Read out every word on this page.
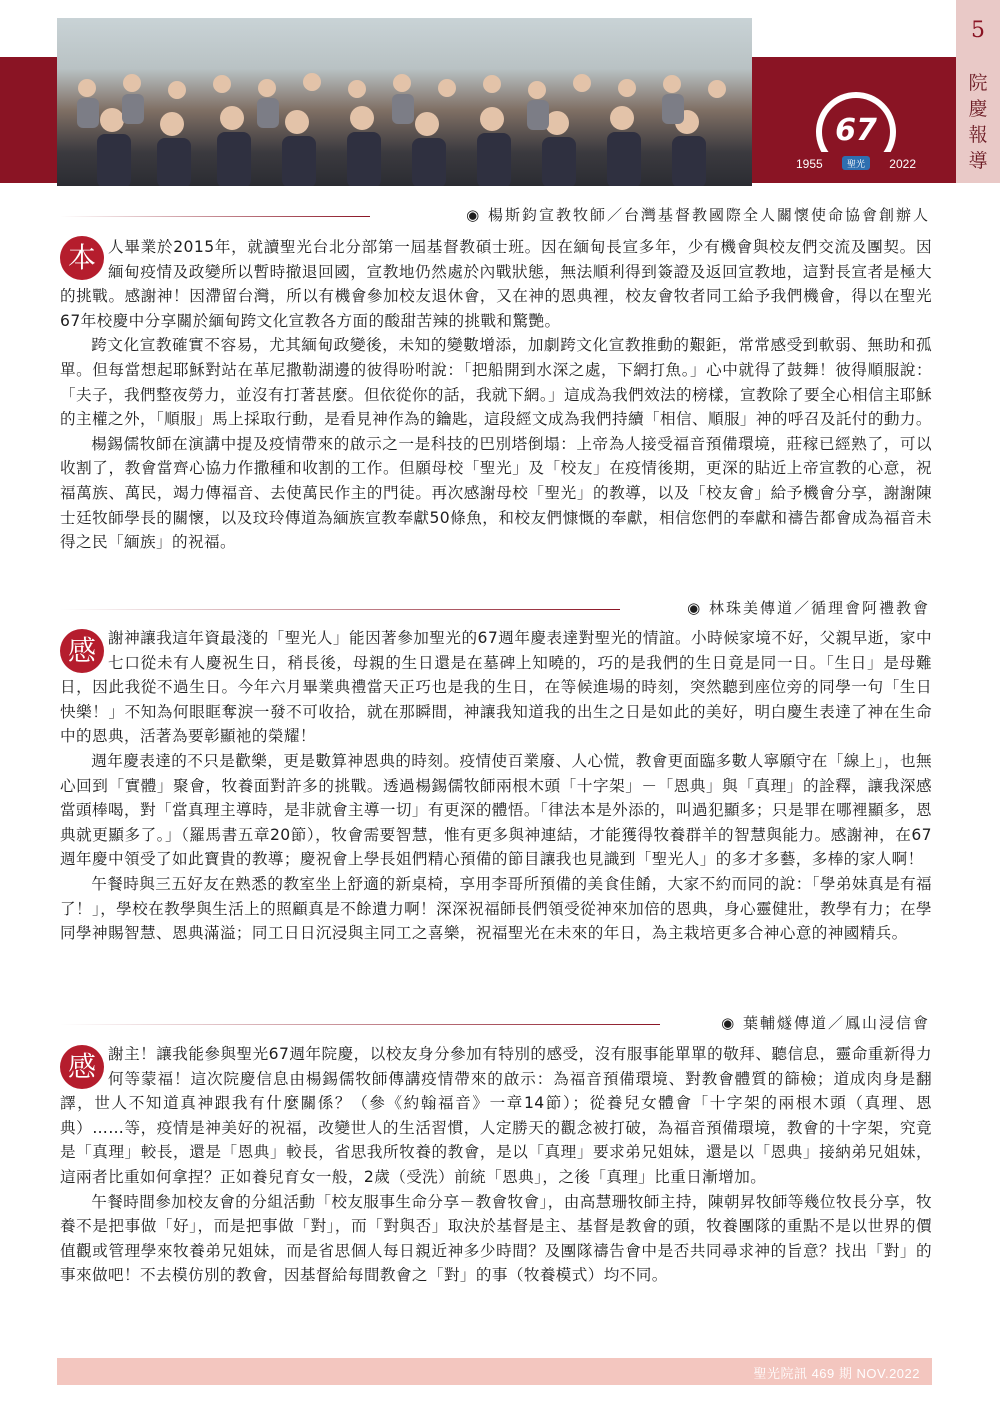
5
院
慶
報
導
67
1955	2022
聖光
◉ 楊斯鈞宣教牧師／台灣基督教國際全人關懷使命協會創辦人
本 人畢業於2015年，就讀聖光台北分部第一屆基督教碩士班。因在緬甸長宣多年，少有機會與校友們交流及團契。因緬甸疫情及政變所以暫時撤退回國，宣教地仍然處於內戰狀態，無法順利得到簽證及返回宣教地，這對長宣者是極大的挑戰。感謝神！因滯留台灣，所以有機會參加校友退休會，又在神的恩典裡，校友會牧者同工給予我們機會，得以在聖光67年校慶中分享關於緬甸跨文化宣教各方面的酸甜苦辣的挑戰和驚艷。

跨文化宣教確實不容易，尤其緬甸政變後，未知的變數增添，加劇跨文化宣教推動的艱鉅，常常感受到軟弱、無助和孤單。但每當想起耶穌對站在革尼撒勒湖邊的彼得吩咐說：「把船開到水深之處，下網打魚。」心中就得了鼓舞！彼得順服說：「夫子，我們整夜勞力，並沒有打著甚麼。但依從你的話，我就下網。」這成為我們效法的榜樣，宣教除了要全心相信主耶穌的主權之外，「順服」馬上採取行動，是看見神作為的鑰匙，這段經文成為我們持續「相信、順服」神的呼召及託付的動力。

楊錫儒牧師在演講中提及疫情帶來的啟示之一是科技的巴別塔倒塌：上帝為人接受福音預備環境，莊稼已經熟了，可以收割了，教會當齊心協力作撒種和收割的工作。但願母校「聖光」及「校友」在疫情後期，更深的貼近上帝宣教的心意，祝福萬族、萬民，竭力傳福音、去使萬民作主的門徒。再次感謝母校「聖光」的教導，以及「校友會」給予機會分享，謝謝陳士廷牧師學長的關懷，以及玟玲傳道為緬族宣教奉獻50條魚，和校友們慷慨的奉獻，相信您們的奉獻和禱告都會成為福音未得之民「緬族」的祝福。

◉ 林珠美傳道／循理會阿禮教會
感 謝神讓我這年資最淺的「聖光人」能因著參加聖光的67週年慶表達對聖光的情誼。小時候家境不好，父親早逝，家中七口從未有人慶祝生日，稍長後，母親的生日還是在墓碑上知曉的，巧的是我們的生日竟是同一日。「生日」是母難日，因此我從不過生日。今年六月畢業典禮當天正巧也是我的生日，在等候進場的時刻，突然聽到座位旁的同學一句「生日快樂！」不知為何眼眶奪淚一發不可收拾，就在那瞬間，神讓我知道我的出生之日是如此的美好，明白慶生表達了神在生命中的恩典，活著為要彰顯祂的榮耀！

週年慶表達的不只是歡樂，更是數算神恩典的時刻。疫情使百業廢、人心慌，教會更面臨多數人寧願守在「線上」，也無心回到「實體」聚會，牧養面對許多的挑戰。透過楊錫儒牧師兩根木頭「十字架」－「恩典」與「真理」的詮釋，讓我深感當頭棒喝，對「當真理主導時，是非就會主導一切」有更深的體悟。「律法本是外添的，叫過犯顯多；只是罪在哪裡顯多，恩典就更顯多了。」（羅馬書五章20節），牧會需要智慧，惟有更多與神連結，才能獲得牧養群羊的智慧與能力。感謝神，在67週年慶中領受了如此寶貴的教導；慶祝會上學長姐們精心預備的節目讓我也見識到「聖光人」的多才多藝，多棒的家人啊！

午餐時與三五好友在熟悉的教室坐上舒適的新桌椅，享用李哥所預備的美食佳餚，大家不約而同的說：「學弟妹真是有福了！」，學校在教學與生活上的照顧真是不餘遺力啊！深深祝福師長們領受從神來加倍的恩典，身心靈健壯，教學有力；在學同學神賜智慧、恩典滿溢；同工日日沉浸與主同工之喜樂，祝福聖光在未來的年日，為主栽培更多合神心意的神國精兵。

◉ 葉輔燧傳道／鳳山浸信會
感 謝主！讓我能參與聖光67週年院慶，以校友身分參加有特別的感受，沒有服事能單單的敬拜、聽信息，靈命重新得力何等蒙福！這次院慶信息由楊錫儒牧師傳講疫情帶來的啟示：為福音預備環境、對教會體質的篩檢；道成肉身是翻譯，世人不知道真神跟我有什麼關係？（參《約翰福音》一章14節）；從養兒女體會「十字架的兩根木頭（真理、恩典）……等，疫情是神美好的祝福，改變世人的生活習慣，人定勝天的觀念被打破，為福音預備環境，教會的十字架，究竟是「真理」較長，還是「恩典」較長，省思我所牧養的教會，是以「真理」要求弟兄姐妹，還是以「恩典」接納弟兄姐妹，這兩者比重如何拿捏？正如養兒育女一般，2歲（受洗）前統「恩典」，之後「真理」比重日漸增加。

午餐時間參加校友會的分組活動「校友服事生命分享－教會牧會」，由高慧珊牧師主持，陳朝昇牧師等幾位牧長分享，牧養不是把事做「好」，而是把事做「對」，而「對與否」取決於基督是主、基督是教會的頭，牧養團隊的重點不是以世界的價值觀或管理學來牧養弟兄姐妹，而是省思個人每日親近神多少時間？及團隊禱告會中是否共同尋求神的旨意？找出「對」的事來做吧！不去模仿別的教會，因基督給每間教會之「對」的事（牧養模式）均不同。

聖光院訊 469 期 NOV.2022
